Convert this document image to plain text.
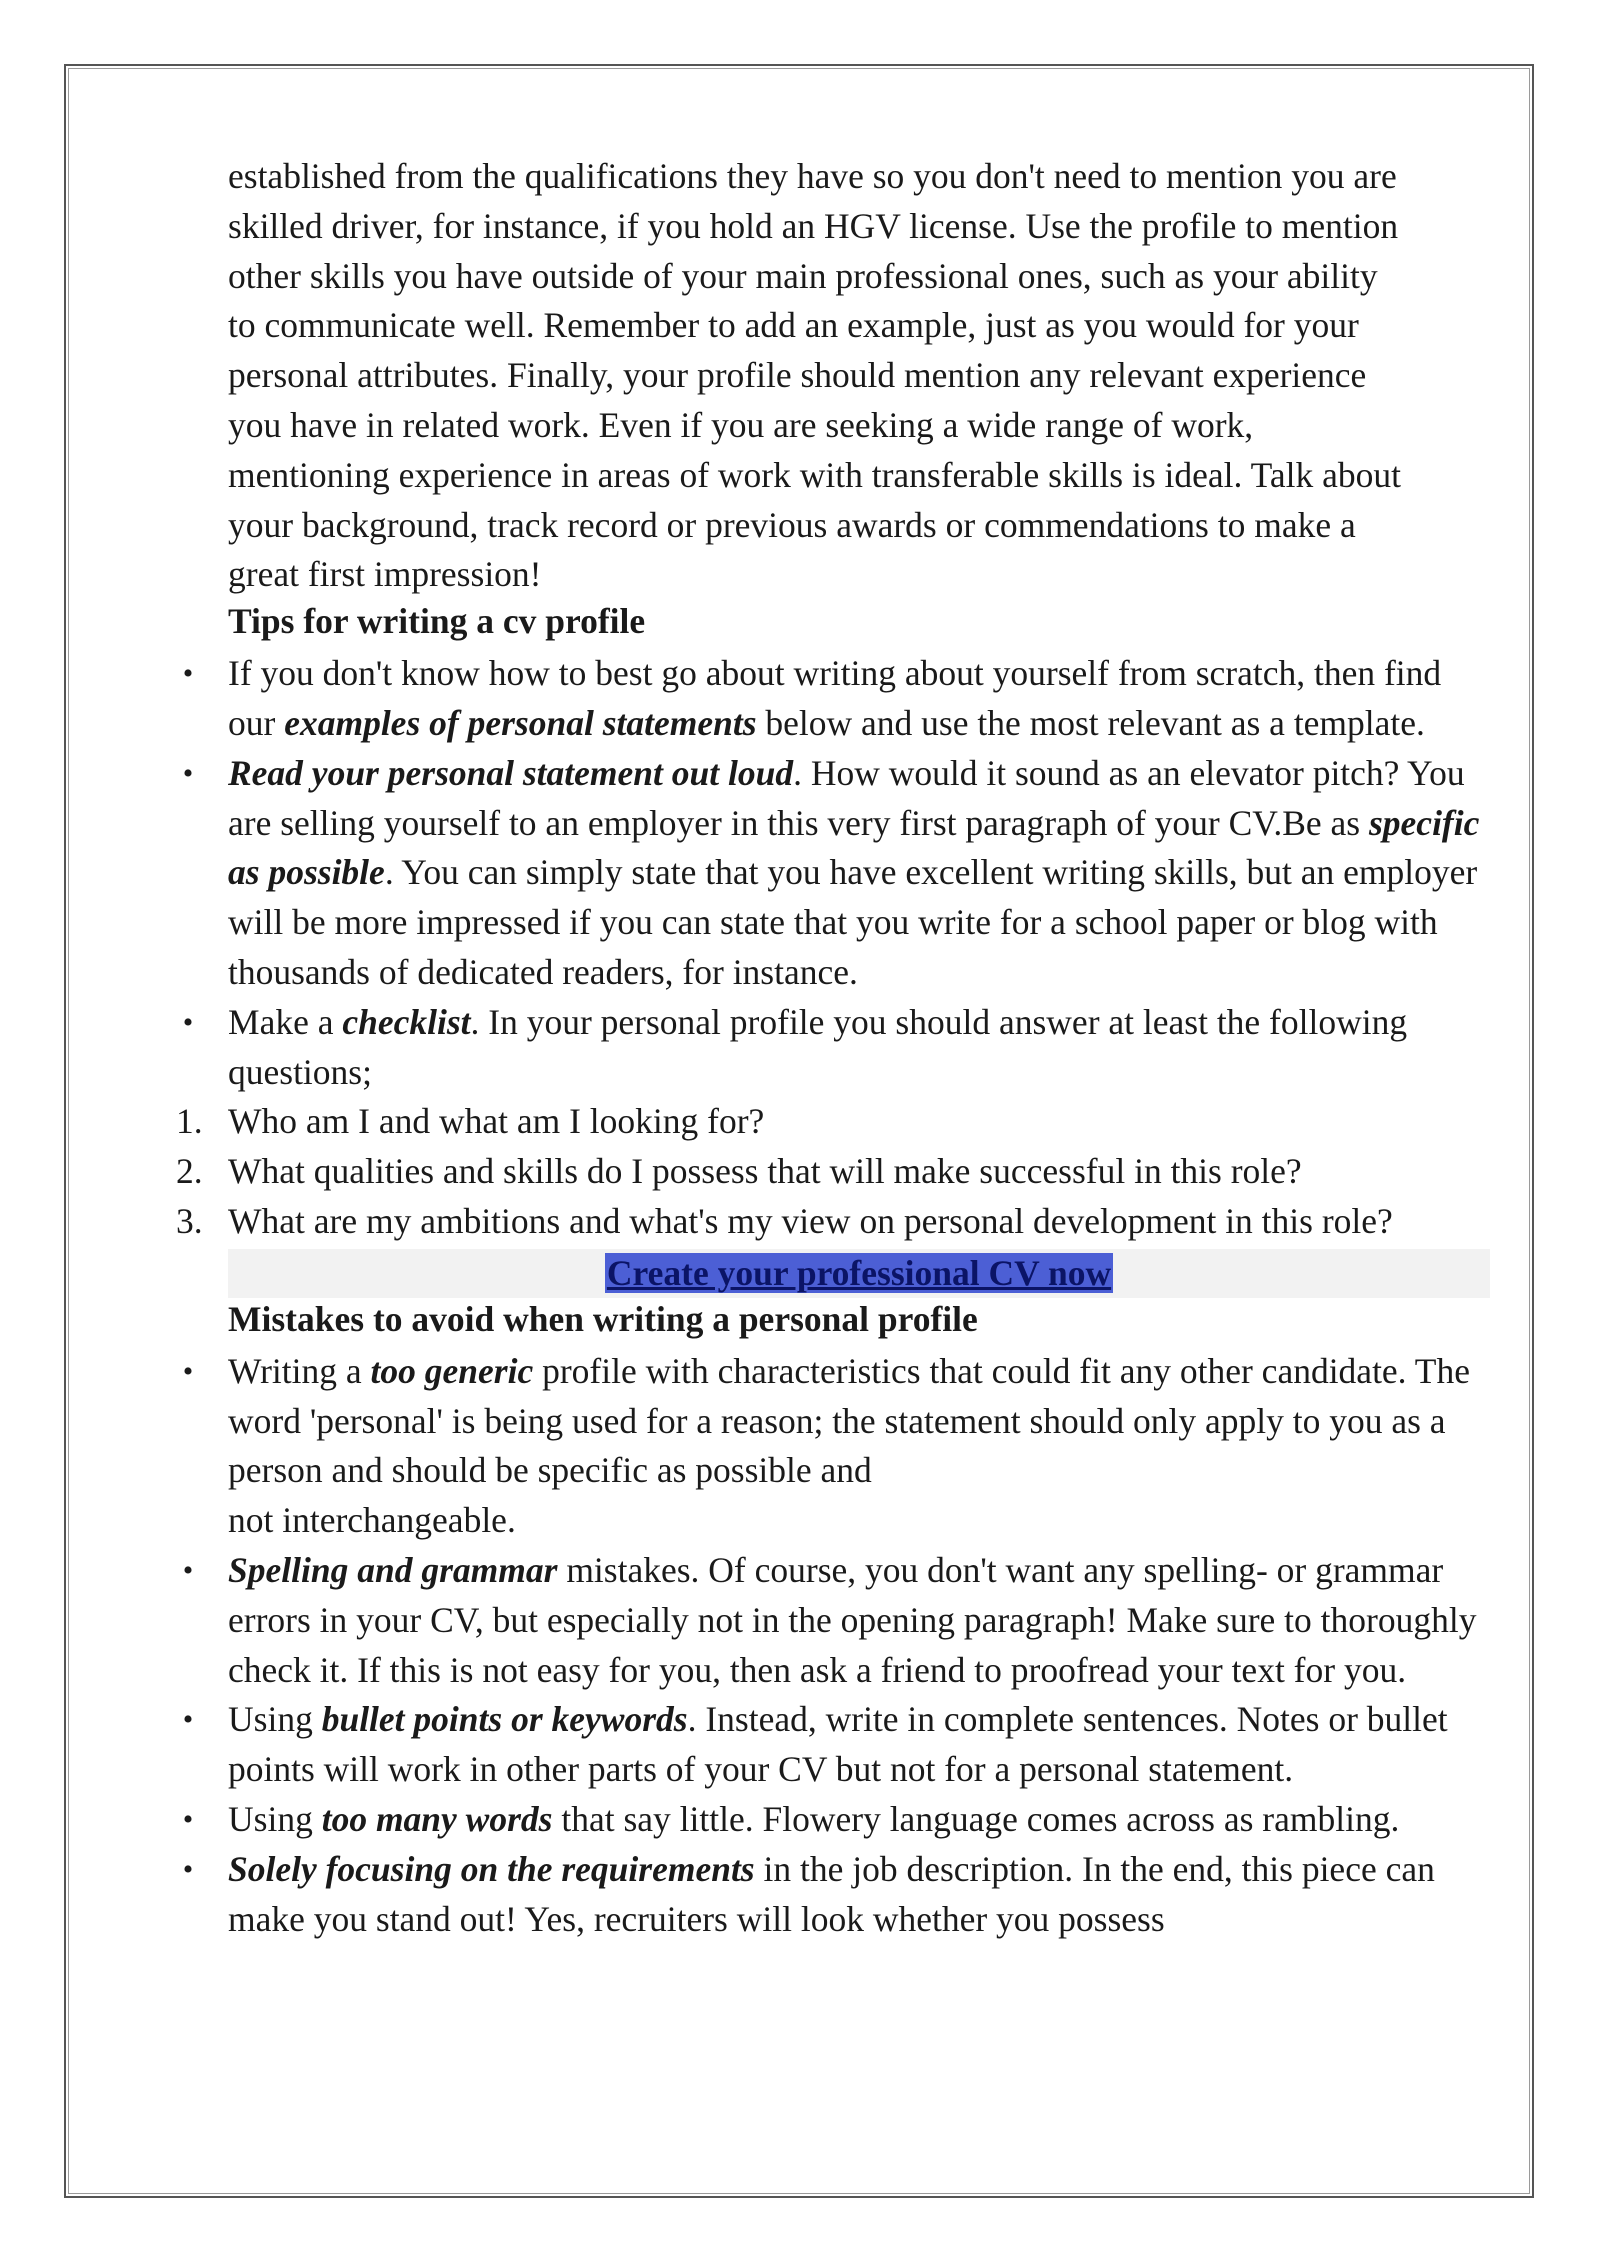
established from the qualifications they have so you don't need to mention you are
skilled driver, for instance, if you hold an HGV license. Use the profile to mention
other skills you have outside of your main professional ones, such as your ability
to communicate well. Remember to add an example, just as you would for your
personal attributes. Finally, your profile should mention any relevant experience
you have in related work. Even if you are seeking a wide range of work,
mentioning experience in areas of work with transferable skills is ideal. Talk about
your background, track record or previous awards or commendations to make a
great first impression!

Tips for writing a cv profile
• If you don't know how to best go about writing about yourself from scratch, then find our examples of personal statements below and use the most relevant as a template.
• Read your personal statement out loud. How would it sound as an elevator pitch? You are selling yourself to an employer in this very first paragraph of your CV.Be as specific as possible. You can simply state that you have excellent writing skills, but an employer will be more impressed if you can state that you write for a school paper or blog with thousands of dedicated readers, for instance.
• Make a checklist. In your personal profile you should answer at least the following questions;
1. Who am I and what am I looking for?
2. What qualities and skills do I possess that will make successful in this role?
3. What are my ambitions and what's my view on personal development in this role?
Create your professional CV now
Mistakes to avoid when writing a personal profile
• Writing a too generic profile with characteristics that could fit any other candidate. The word 'personal' is being used for a reason; the statement should only apply to you as a person and should be specific as possible and
not interchangeable.
• Spelling and grammar mistakes. Of course, you don't want any spelling- or grammar errors in your CV, but especially not in the opening paragraph! Make sure to thoroughly check it. If this is not easy for you, then ask a friend to proofread your text for you.
• Using bullet points or keywords. Instead, write in complete sentences. Notes or bullet points will work in other parts of your CV but not for a personal statement.
• Using too many words that say little. Flowery language comes across as rambling.
• Solely focusing on the requirements in the job description. In the end, this piece can make you stand out! Yes, recruiters will look whether you possess
